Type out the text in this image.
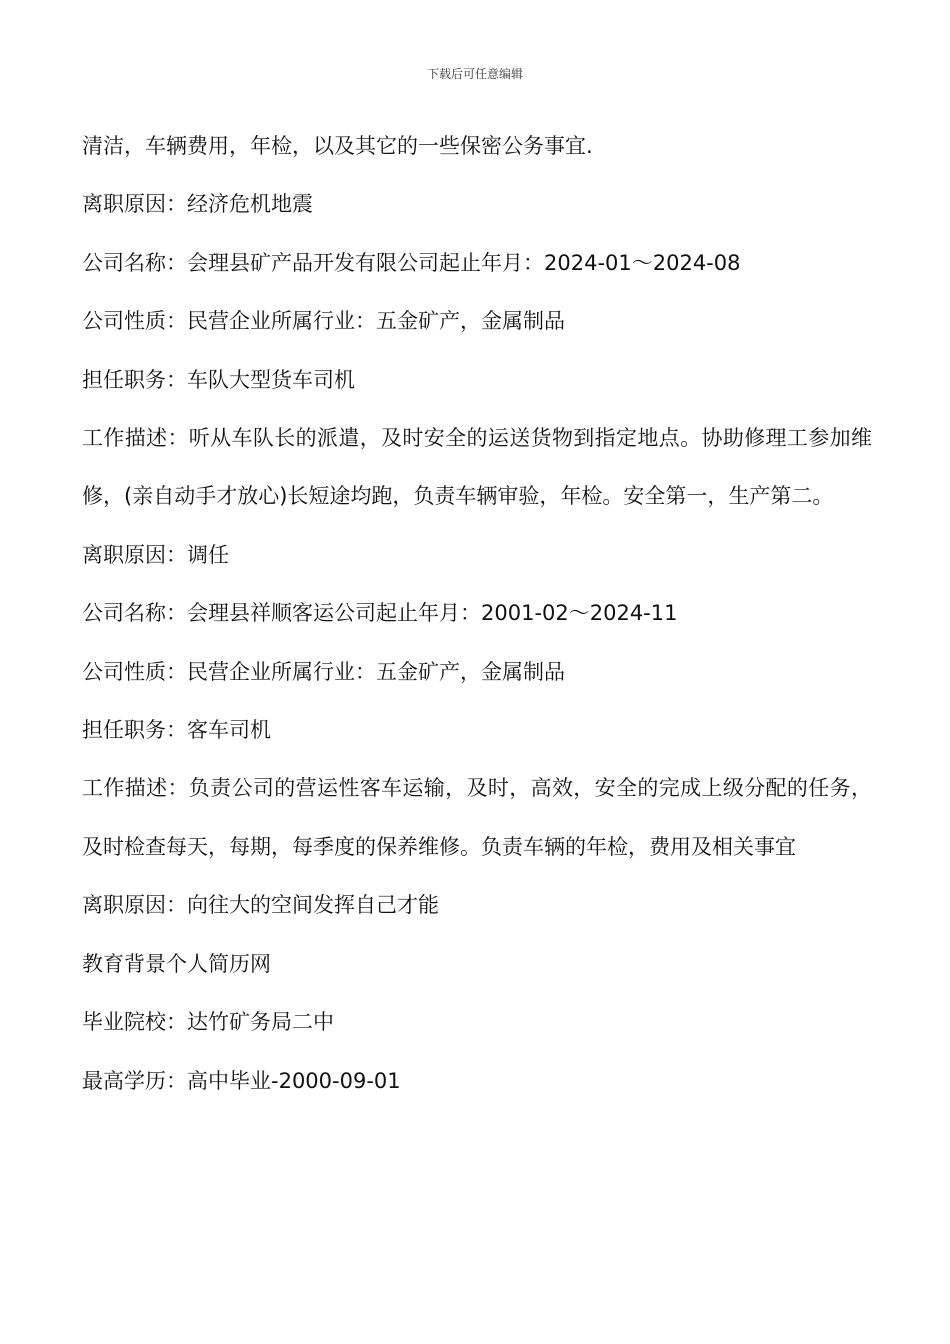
下载后可任意编辑
清洁，车辆费用，年检，以及其它的一些保密公务事宜.
离职原因：经济危机地震
公司名称：会理县矿产品开发有限公司起止年月：2024-01～2024-08
公司性质：民营企业所属行业：五金矿产，金属制品
担任职务：车队大型货车司机
工作描述：听从车队长的派遣，及时安全的运送货物到指定地点。协助修理工参加维修，(亲自动手才放心)长短途均跑，负责车辆审验，年检。安全第一，生产第二。
离职原因：调任
公司名称：会理县祥顺客运公司起止年月：2001-02～2024-11
公司性质：民营企业所属行业：五金矿产，金属制品
担任职务：客车司机
工作描述：负责公司的营运性客车运输，及时，高效，安全的完成上级分配的任务，及时检查每天，每期，每季度的保养维修。负责车辆的年检，费用及相关事宜
离职原因：向往大的空间发挥自己才能
教育背景个人简历网
毕业院校：达竹矿务局二中
最高学历：高中毕业-2000-09-01
